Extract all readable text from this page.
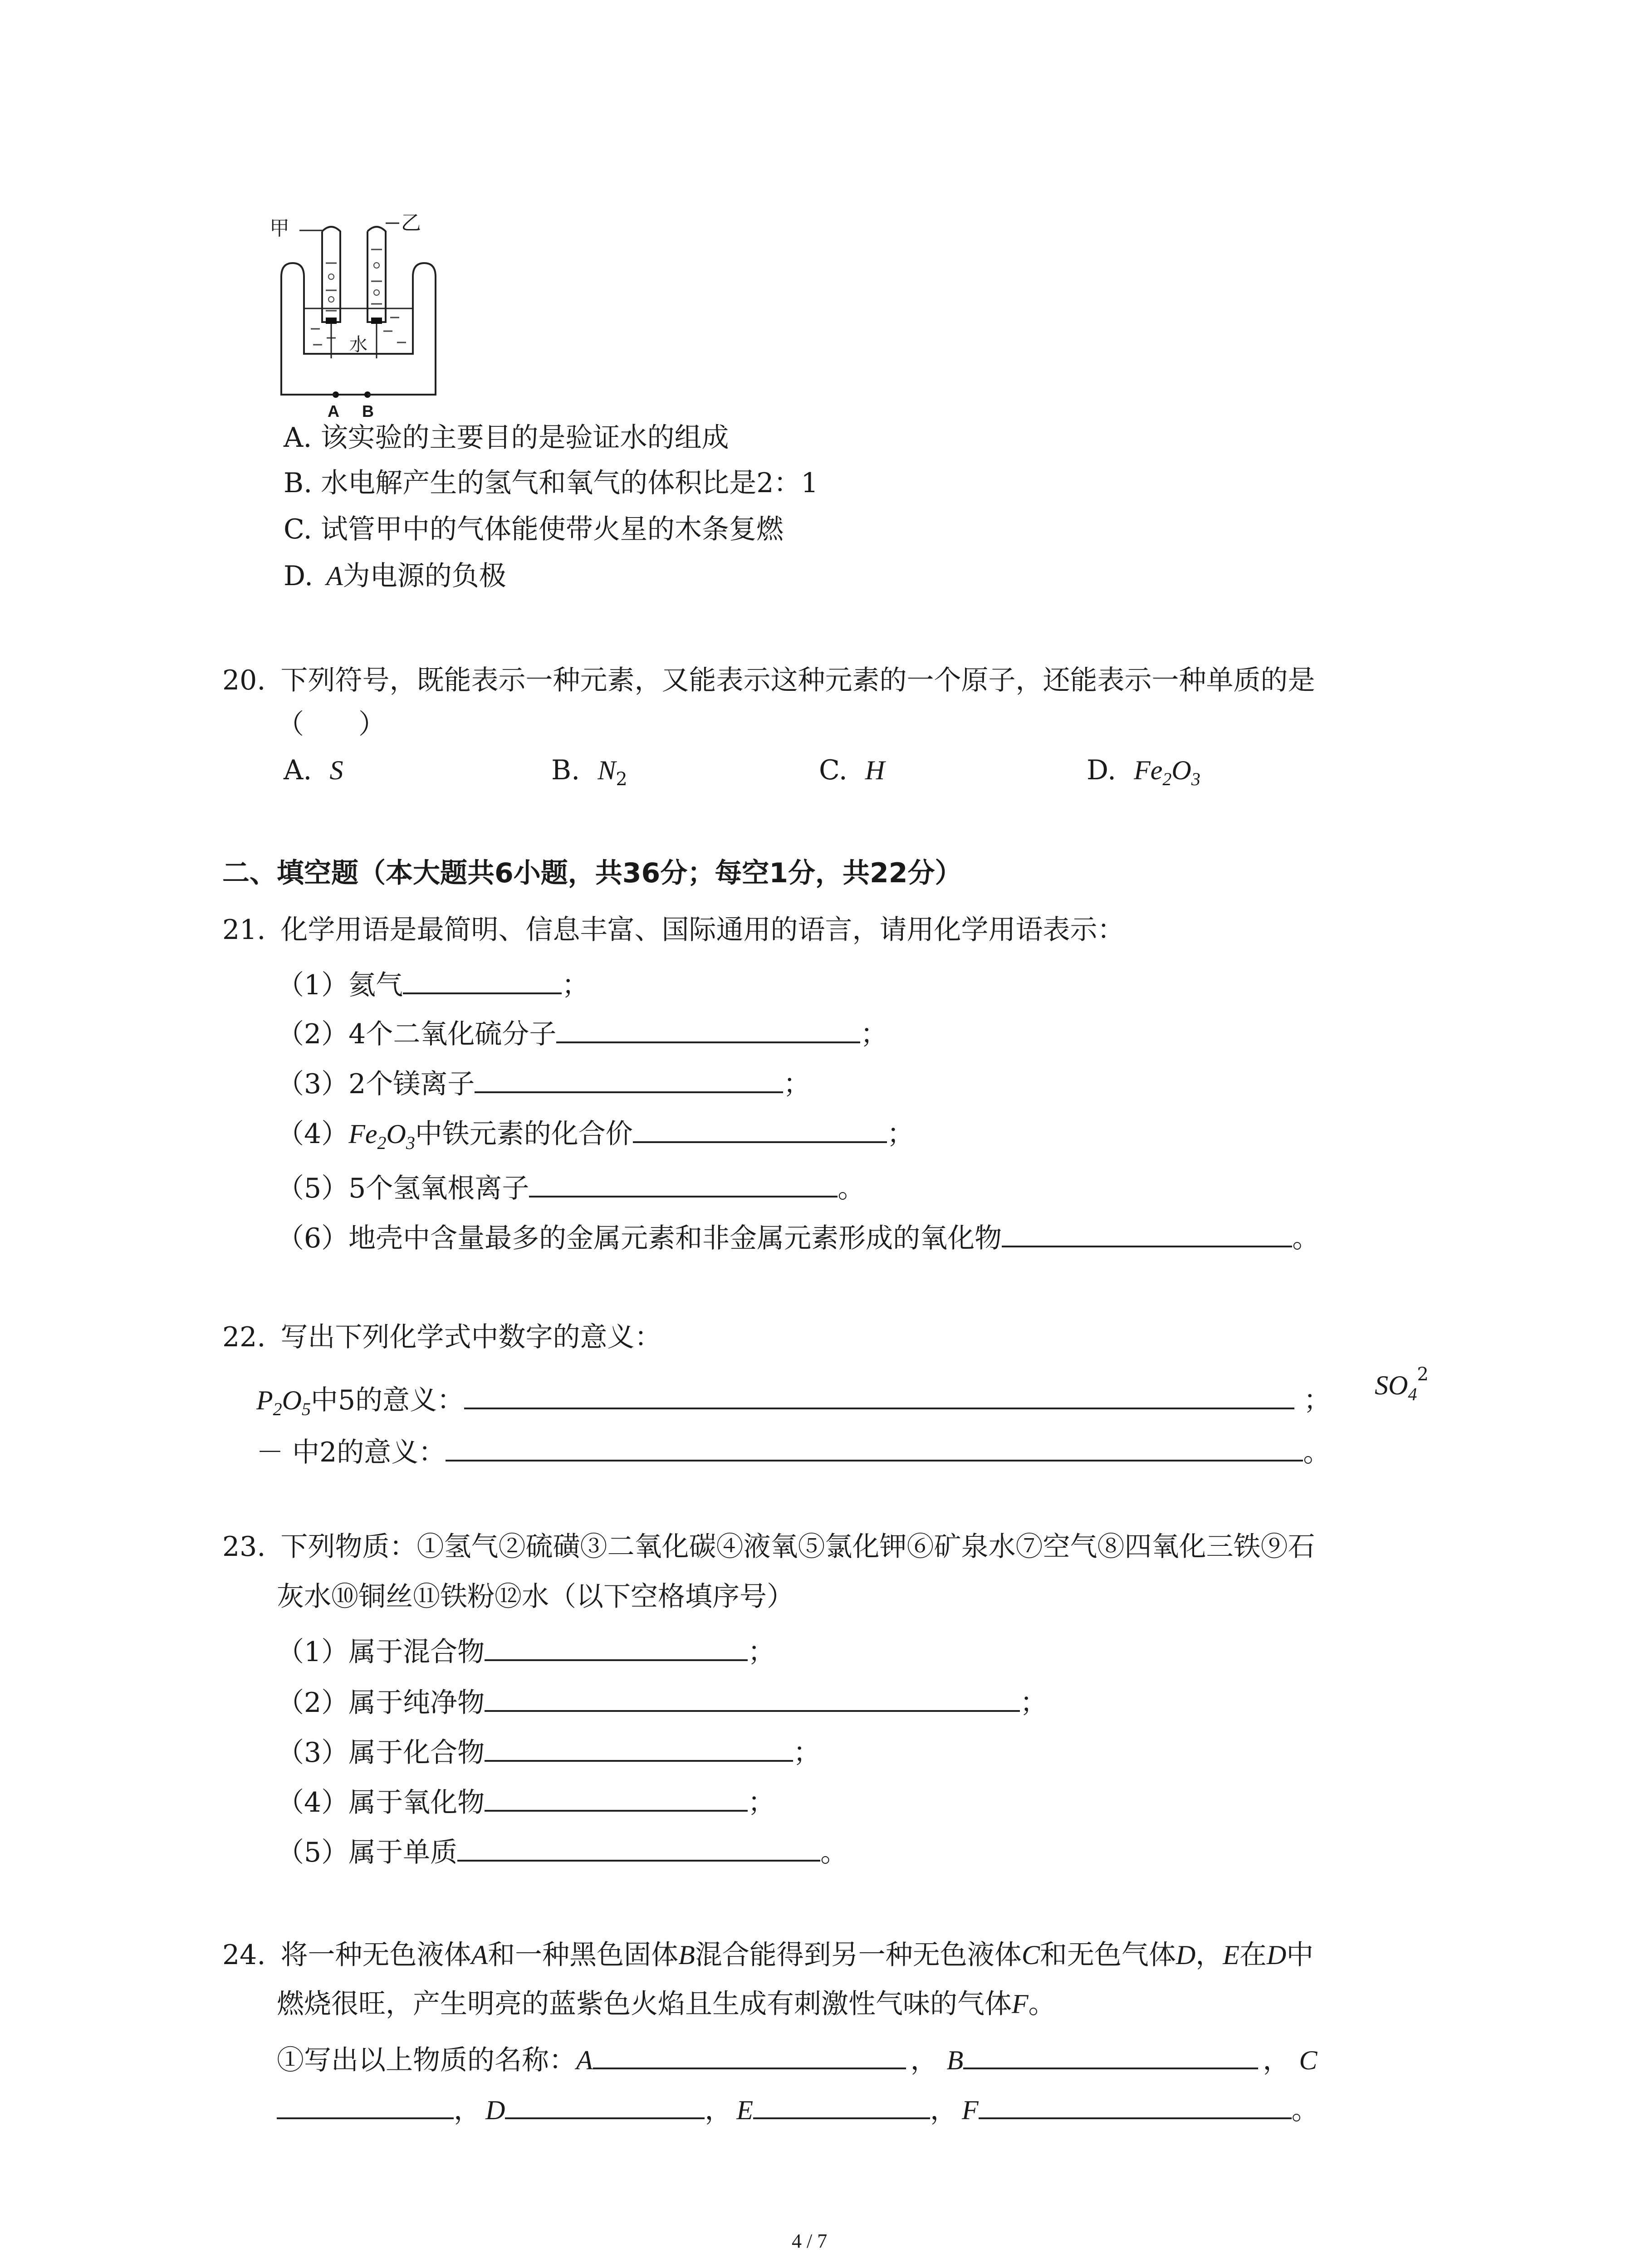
甲	乙
水
A B
A. 该实验的主要目的是验证水的组成
B. 水电解产生的氢气和氧气的体积比是2：1
C. 试管甲中的气体能使带火星的木条复燃
D. A为电源的负极
20. 下列符号，既能表示一种元素，又能表示这种元素的一个原子，还能表示一种单质的是
（　　）
A. S	B. $N_2$	C. H	D. $Fe_2O_3$
二、填空题（本大题共6小题，共36分；每空1分，共22分）
21. 化学用语是最简明、信息丰富、国际通用的语言，请用化学用语表示：
（1）氦气	；
（2）4个二氧化硫分子	；
（3）2个镁离子	；
$(4)Fe_2O_3$中铁元素的化合价	；
（5）5个氢氧根离子	。
（6）地壳中含量最多的金属元素和非金属元素形成的氧化物	。
22. 写出下列化学式中数字的意义：
$P_2O_5$中5的意义：	； $SO_4^2$
－ 中2的意义：	。
23. 下列物质：①氢气②硫磺③二氧化碳④液氧⑤氯化钾⑥矿泉水⑦空气⑧四氧化三铁⑨石
灰水⑩铜丝⑪铁粉⑫水（以下空格填序号）
（1）属于混合物	；
（2）属于纯净物	；
（3）属于化合物	；
（4）属于氧化物	；
（5）属于单质	。
24. 将一种无色液体A和一种黑色固体B混合能得到另一种无色液体C和无色气体D，E在D中
燃烧很旺，产生明亮的蓝紫色火焰且生成有刺激性气味的气体F。
①写出以上物质的名称：A	， B	， C
， D	， E	， F	。
4 / 7
